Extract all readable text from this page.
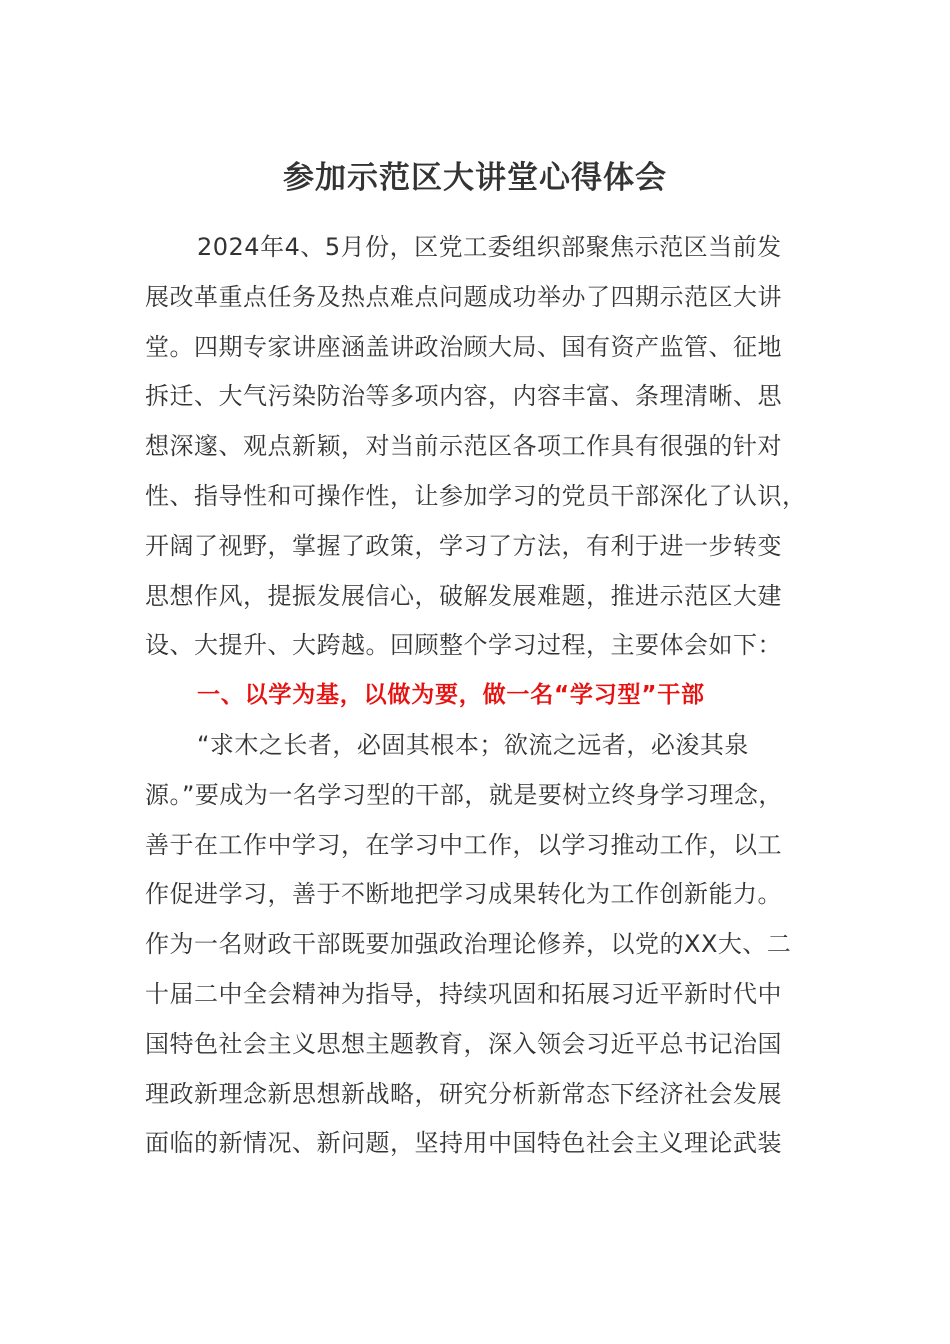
参加示范区大讲堂心得体会
2024年4、5月份，区党工委组织部聚焦示范区当前发
展改革重点任务及热点难点问题成功举办了四期示范区大讲
堂。四期专家讲座涵盖讲政治顾大局、国有资产监管、征地
拆迁、大气污染防治等多项内容，内容丰富、条理清晰、思
想深邃、观点新颖，对当前示范区各项工作具有很强的针对
性、指导性和可操作性，让参加学习的党员干部深化了认识，
开阔了视野，掌握了政策，学习了方法，有利于进一步转变
思想作风，提振发展信心，破解发展难题，推进示范区大建
设、大提升、大跨越。回顾整个学习过程，主要体会如下：
一、以学为基，以做为要，做一名“学习型”干部
“求木之长者，必固其根本；欲流之远者，必浚其泉
源。”要成为一名学习型的干部，就是要树立终身学习理念，
善于在工作中学习，在学习中工作，以学习推动工作，以工
作促进学习，善于不断地把学习成果转化为工作创新能力。
作为一名财政干部既要加强政治理论修养，以党的XX大、二
十届二中全会精神为指导，持续巩固和拓展习近平新时代中
国特色社会主义思想主题教育，深入领会习近平总书记治国
理政新理念新思想新战略，研究分析新常态下经济社会发展
面临的新情况、新问题，坚持用中国特色社会主义理论武装
